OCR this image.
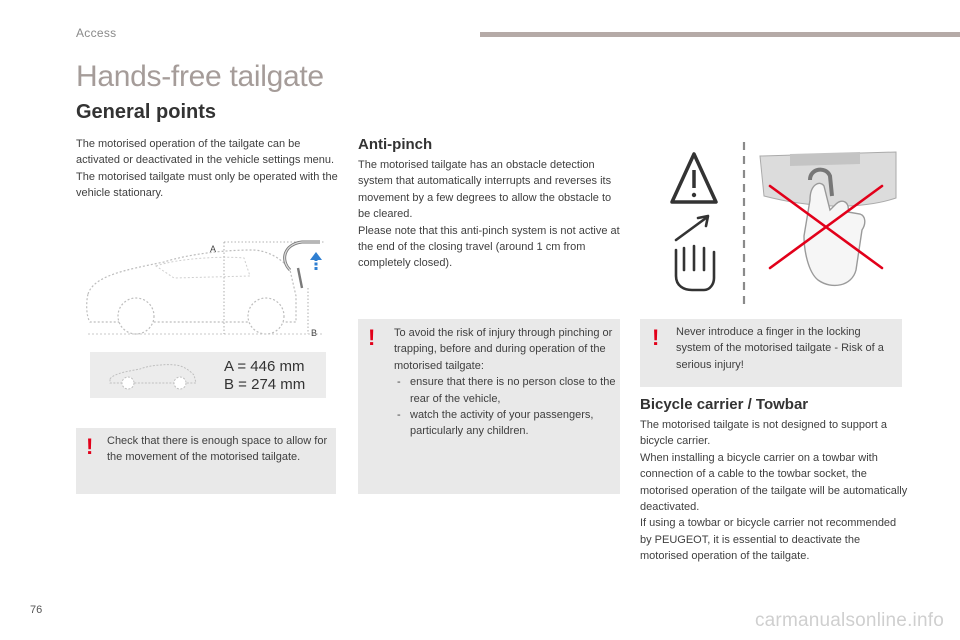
Access
Hands-free tailgate
General points
The motorised operation of the tailgate can be activated or deactivated in the vehicle settings menu.
The motorised tailgate must only be operated with the vehicle stationary.
A
B
A = 446 mm
B = 274 mm
! Check that there is enough space to allow for the movement of the motorised tailgate.
Anti-pinch
The motorised tailgate has an obstacle detection system that automatically interrupts and reverses its movement by a few degrees to allow the obstacle to be cleared.
Please note that this anti-pinch system is not active at the end of the closing travel (around 1 cm from completely closed).
! To avoid the risk of injury through pinching or trapping, before and during operation of the motorised tailgate:
- ensure that there is no person close to the rear of the vehicle,
- watch the activity of your passengers, particularly any children.
! Never introduce a finger in the locking system of the motorised tailgate - Risk of a serious injury!
Bicycle carrier / Towbar
The motorised tailgate is not designed to support a bicycle carrier.
When installing a bicycle carrier on a towbar with connection of a cable to the towbar socket, the motorised operation of the tailgate will be automatically deactivated.
If using a towbar or bicycle carrier not recommended by PEUGEOT, it is essential to deactivate the motorised operation of the tailgate.
76	carmanualsonline.info
